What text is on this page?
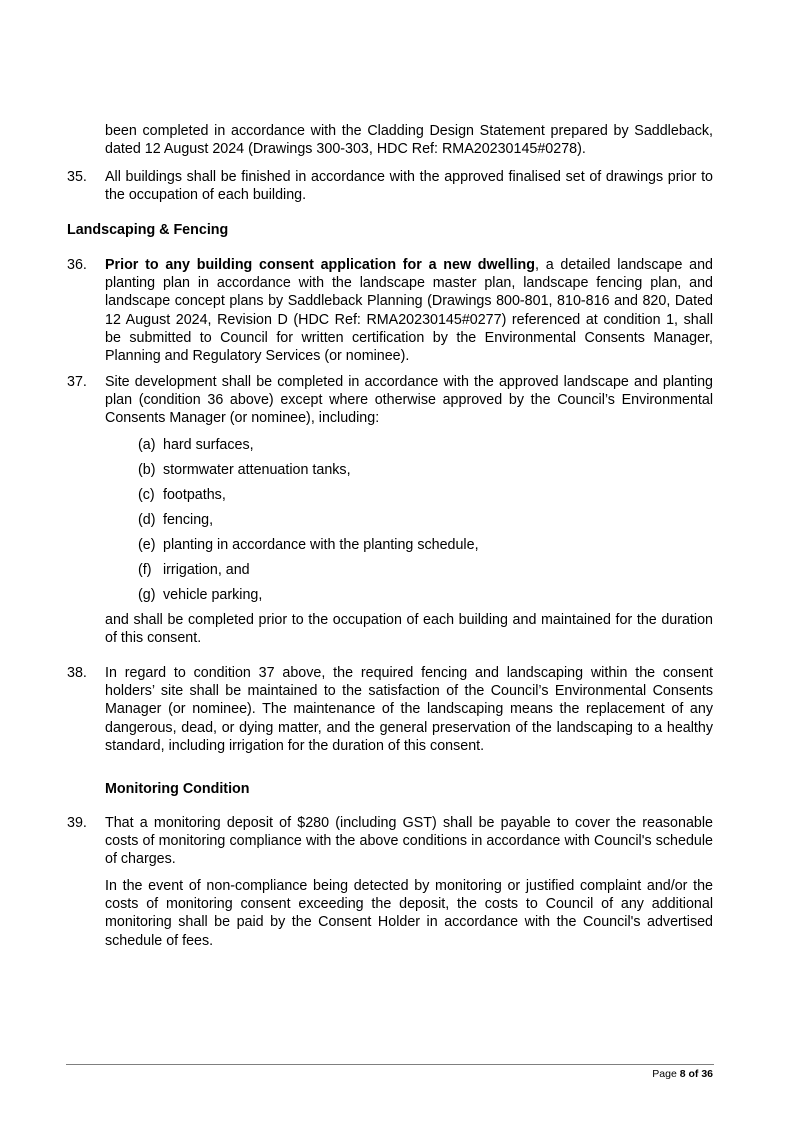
been completed in accordance with the Cladding Design Statement prepared by Saddleback, dated 12 August 2024 (Drawings 300-303, HDC Ref: RMA20230145#0278).
35. All buildings shall be finished in accordance with the approved finalised set of drawings prior to the occupation of each building.
Landscaping & Fencing
36. Prior to any building consent application for a new dwelling, a detailed landscape and planting plan in accordance with the landscape master plan, landscape fencing plan, and landscape concept plans by Saddleback Planning (Drawings 800-801, 810-816 and 820, Dated 12 August 2024, Revision D (HDC Ref: RMA20230145#0277) referenced at condition 1, shall be submitted to Council for written certification by the Environmental Consents Manager, Planning and Regulatory Services (or nominee).
37. Site development shall be completed in accordance with the approved landscape and planting plan (condition 36 above) except where otherwise approved by the Council’s Environmental Consents Manager (or nominee), including:
(a) hard surfaces,
(b) stormwater attenuation tanks,
(c) footpaths,
(d) fencing,
(e) planting in accordance with the planting schedule,
(f) irrigation, and
(g) vehicle parking,
and shall be completed prior to the occupation of each building and maintained for the duration of this consent.
38. In regard to condition 37 above, the required fencing and landscaping within the consent holders’ site shall be maintained to the satisfaction of the Council’s Environmental Consents Manager (or nominee). The maintenance of the landscaping means the replacement of any dangerous, dead, or dying matter, and the general preservation of the landscaping to a healthy standard, including irrigation for the duration of this consent.
Monitoring Condition
39. That a monitoring deposit of $280 (including GST) shall be payable to cover the reasonable costs of monitoring compliance with the above conditions in accordance with Council's schedule of charges.
In the event of non-compliance being detected by monitoring or justified complaint and/or the costs of monitoring consent exceeding the deposit, the costs to Council of any additional monitoring shall be paid by the Consent Holder in accordance with the Council's advertised schedule of fees.
Page 8 of 36
